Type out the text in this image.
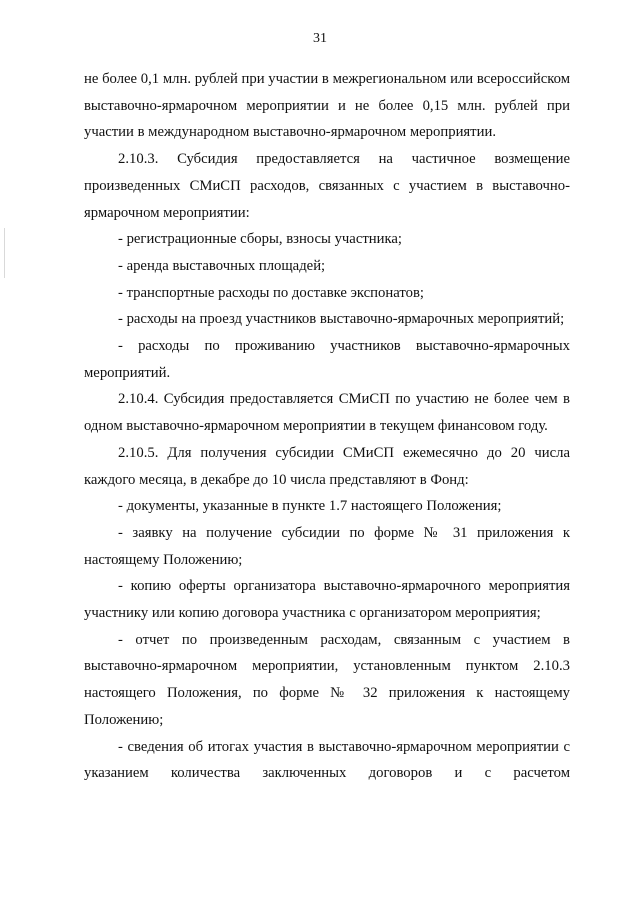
31

не более 0,1 млн. рублей при участии в межрегиональном или всероссийском выставочно-ярмарочном мероприятии и не более 0,15 млн. рублей при участии в международном выставочно-ярмарочном мероприятии.

2.10.3. Субсидия предоставляется на частичное возмещение произведенных СМиСП расходов, связанных с участием в выставочно-ярмарочном мероприятии:

- регистрационные сборы, взносы участника;

- аренда выставочных площадей;

- транспортные расходы по доставке экспонатов;

- расходы на проезд участников выставочно-ярмарочных мероприятий;

- расходы по проживанию участников выставочно-ярмарочных мероприятий.

2.10.4. Субсидия предоставляется СМиСП по участию не более чем в одном выставочно-ярмарочном мероприятии в текущем финансовом году.

2.10.5. Для получения субсидии СМиСП ежемесячно до 20 числа каждого месяца, в декабре до 10 числа представляют в Фонд:

- документы, указанные в пункте 1.7 настоящего Положения;

- заявку на получение субсидии по форме № 31 приложения к настоящему Положению;

- копию оферты организатора выставочно-ярмарочного мероприятия участнику или копию договора участника с организатором мероприятия;

- отчет по произведенным расходам, связанным с участием в выставочно-ярмарочном мероприятии, установленным пунктом 2.10.3 настоящего Положения, по форме № 32 приложения к настоящему Положению;

- сведения об итогах участия в выставочно-ярмарочном мероприятии с указанием количества заключенных договоров и с расчетом
